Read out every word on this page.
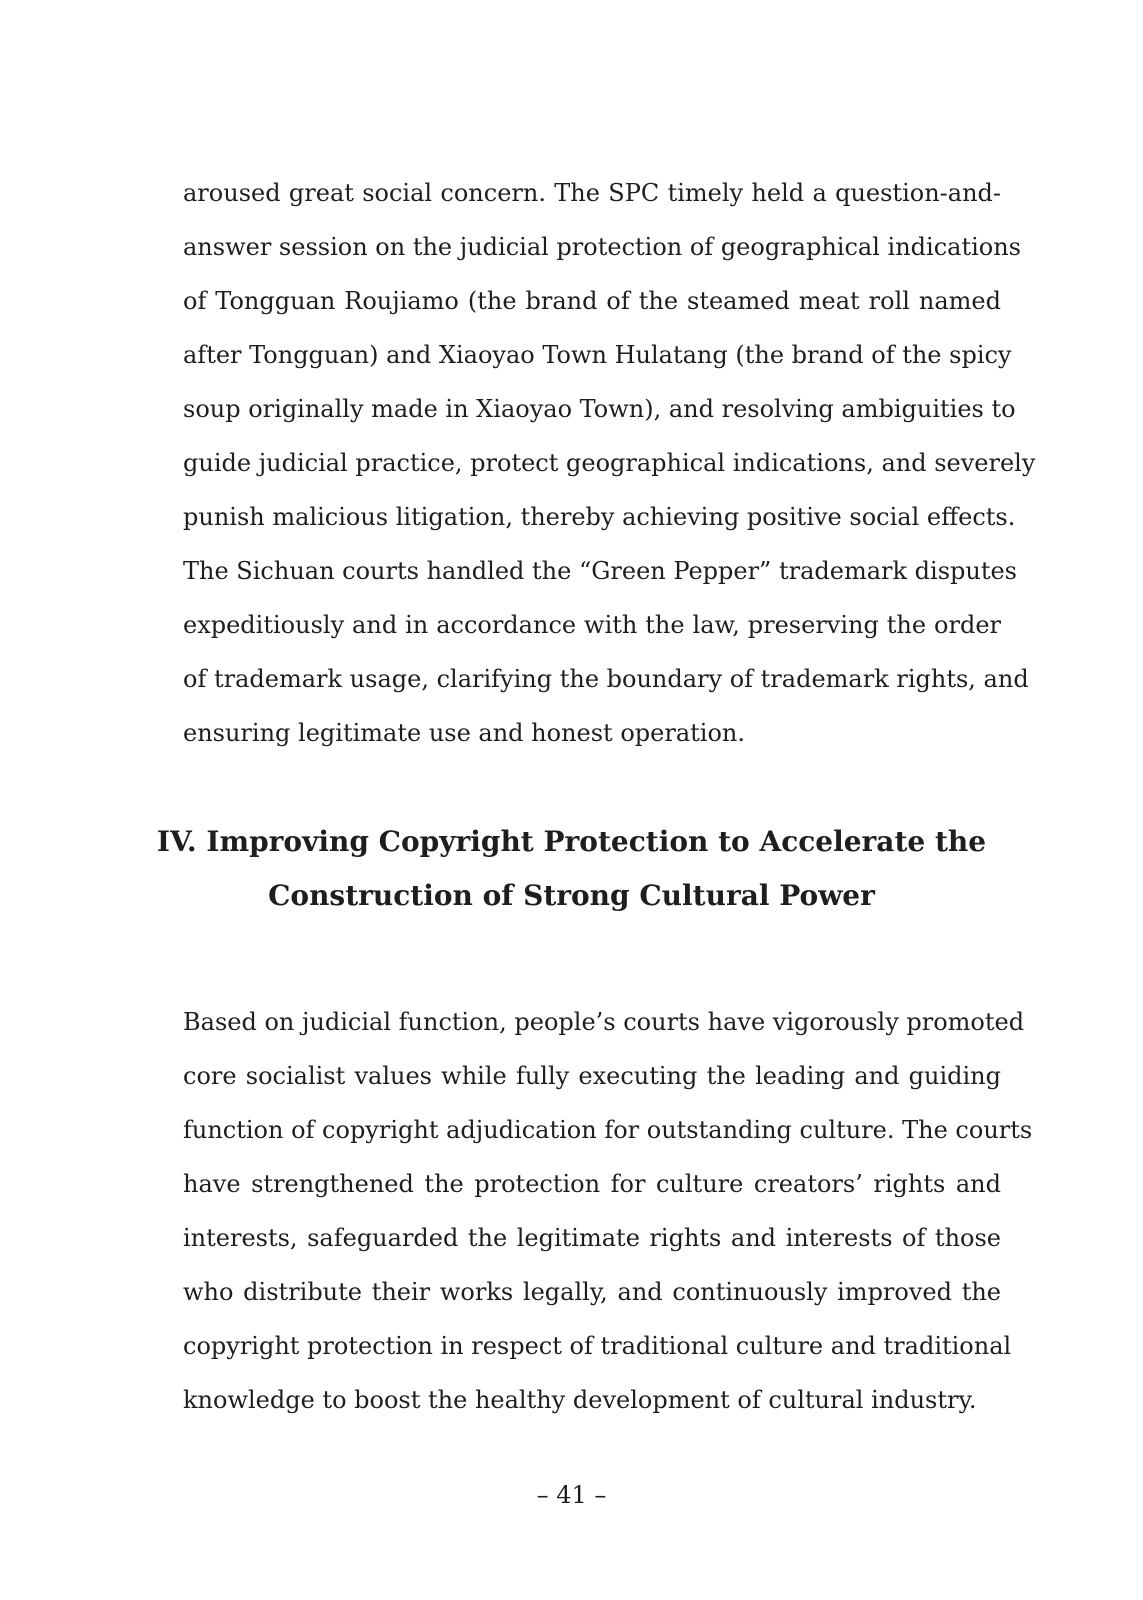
aroused great social concern. The SPC timely held a question-and-
answer session on the judicial protection of geographical indications
of Tongguan Roujiamo (the brand of the steamed meat roll named
after Tongguan) and Xiaoyao Town Hulatang (the brand of the spicy
soup originally made in Xiaoyao Town), and resolving ambiguities to
guide judicial practice, protect geographical indications, and severely
punish malicious litigation, thereby achieving positive social effects.
The Sichuan courts handled the “Green Pepper” trademark disputes
expeditiously and in accordance with the law, preserving the order
of trademark usage, clarifying the boundary of trademark rights, and
ensuring legitimate use and honest operation.
IV. Improving Copyright Protection to Accelerate the
Construction of Strong Cultural Power
Based on judicial function, people’s courts have vigorously promoted
core socialist values while fully executing the leading and guiding
function of copyright adjudication for outstanding culture. The courts
have strengthened the protection for culture creators’ rights and
interests, safeguarded the legitimate rights and interests of those
who distribute their works legally, and continuously improved the
copyright protection in respect of traditional culture and traditional
knowledge to boost the healthy development of cultural industry.
– 41 –
